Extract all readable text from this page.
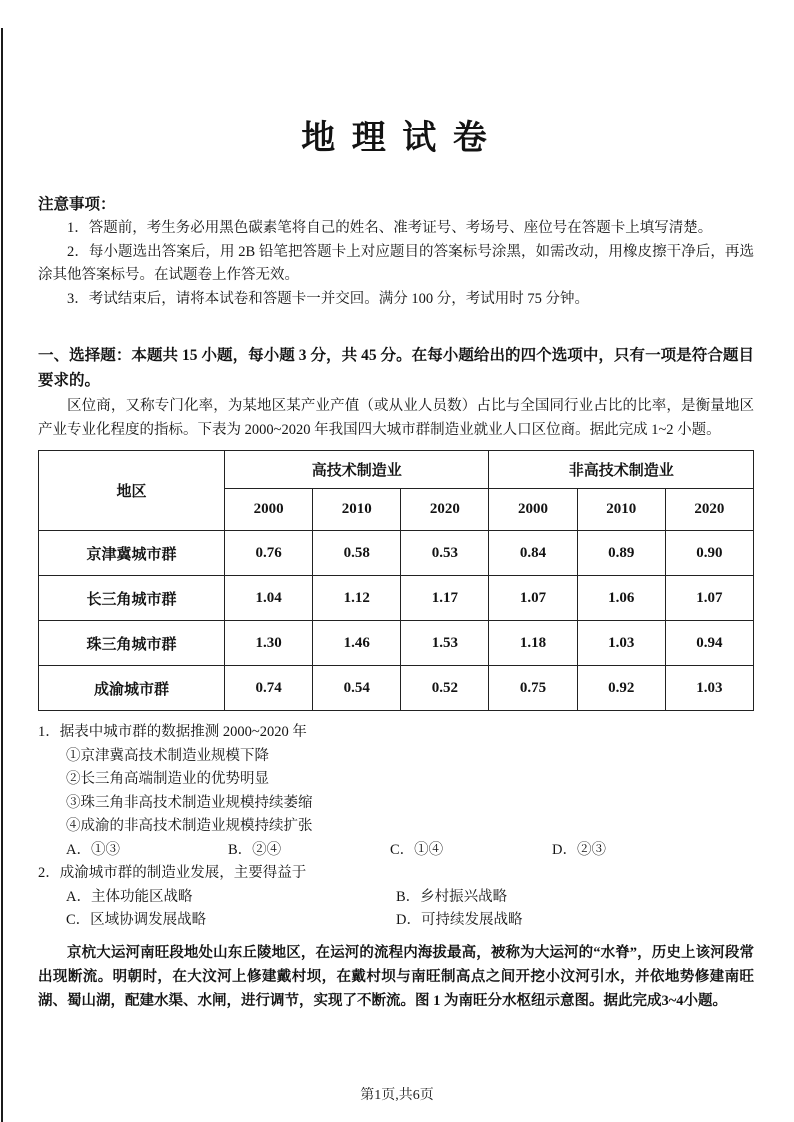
地 理 试 卷
注意事项：

1．答题前，考生务必用黑色碳素笔将自己的姓名、准考证号、考场号、座位号在答题卡上填写清楚。

2．每小题选出答案后，用 2B 铅笔把答题卡上对应题目的答案标号涂黑，如需改动，用橡皮擦干净后，再选涂其他答案标号。在试题卷上作答无效。

3．考试结束后，请将本试卷和答题卡一并交回。满分 100 分，考试用时 75 分钟。

一、选择题：本题共 15 小题，每小题 3 分，共 45 分。在每小题给出的四个选项中，只有一项是符合题目要求的。

区位商，又称专门化率，为某地区某产业产值（或从业人员数）占比与全国同行业占比的比率，是衡量地区产业专业化程度的指标。下表为 2000~2020 年我国四大城市群制造业就业人口区位商。据此完成 1~2 小题。

地区	高技术制造业			非高技术制造业		
	2000	2010	2020	2000	2010	2020
京津冀城市群	0.76	0.58	0.53	0.84	0.89	0.90
长三角城市群	1.04	1.12	1.17	1.07	1.06	1.07
珠三角城市群	1.30	1.46	1.53	1.18	1.03	0.94
成渝城市群	0.74	0.54	0.52	0.75	0.92	1.03
1．据表中城市群的数据推测 2000~2020 年
①京津冀高技术制造业规模下降
②长三角高端制造业的优势明显
③珠三角非高技术制造业规模持续萎缩
④成渝的非高技术制造业规模持续扩张
A．①③	B．②④	C．①④	D．②③
2．成渝城市群的制造业发展，主要得益于
A．主体功能区战略	B．乡村振兴战略
C．区域协调发展战略	D．可持续发展战略

京杭大运河南旺段地处山东丘陵地区，在运河的流程内海拔最高，被称为大运河的“水脊”，历史上该河段常出现断流。明朝时，在大汶河上修建戴村坝，在戴村坝与南旺制高点之间开挖小汶河引水，并依地势修建南旺湖、蜀山湖，配建水渠、水闸，进行调节，实现了不断流。图 1 为南旺分水枢纽示意图。据此完成3~4小题。

第1页,共6页
